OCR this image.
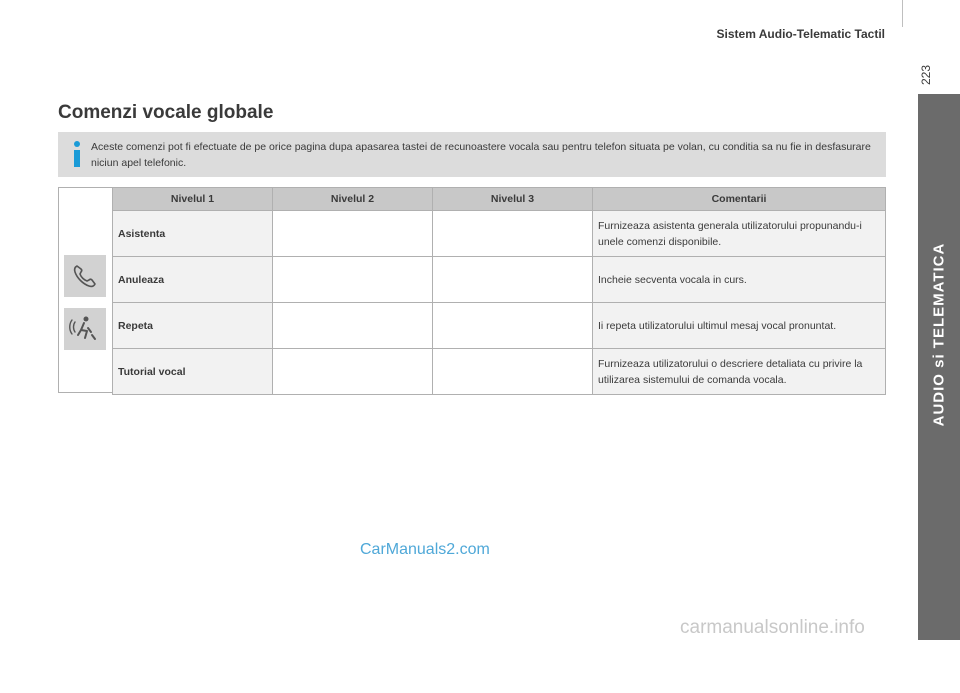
Sistem Audio-Telematic Tactil
223
AUDIO si TELEMATICA
10
Comenzi vocale globale
Aceste comenzi pot fi efectuate de pe orice pagina dupa apasarea tastei de recunoastere vocala sau pentru telefon situata pe volan, cu conditia sa nu fie in desfasurare niciun apel telefonic.
Nivelul 1	Nivelul 2	Nivelul 3	Comentarii
Asistenta			Furnizeaza asistenta generala utilizatorului propunandu-i unele comenzi disponibile.
Anuleaza			Incheie secventa vocala in curs.
Repeta			Ii repeta utilizatorului ultimul mesaj vocal pronuntat.
Tutorial vocal			Furnizeaza utilizatorului o descriere detaliata cu privire la utilizarea sistemului de comanda vocala.
CarManuals2.com
carmanualsonline.info
